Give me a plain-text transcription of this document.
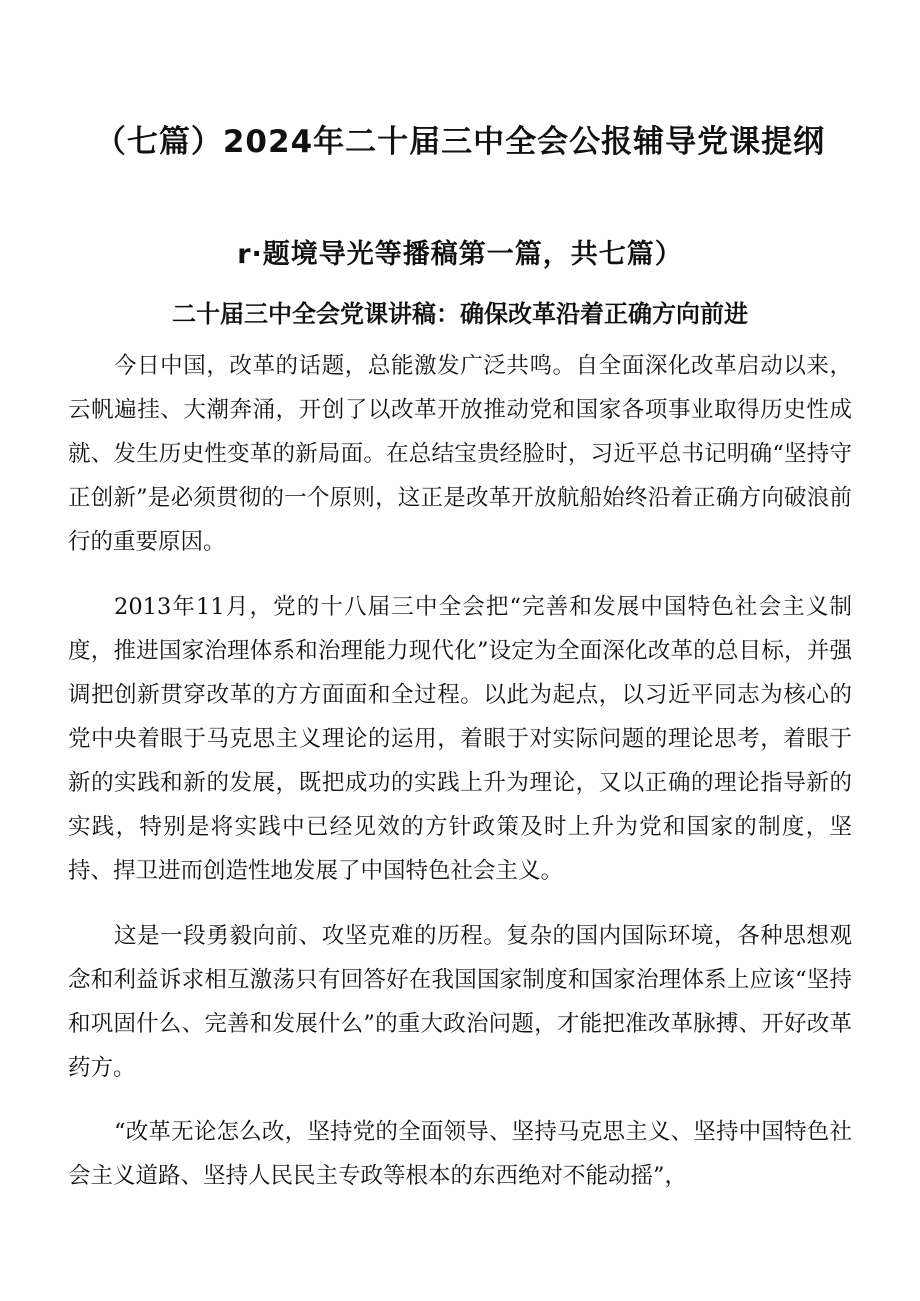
（七篇）2024年二十届三中全会公报辅导党课提纲
r·题境导光等播稿第一篇，共七篇）
二十届三中全会党课讲稿：确保改革沿着正确方向前进

今日中国，改革的话题，总能激发广泛共鸣。自全面深化改革启动以来，云帆遍挂、大潮奔涌，开创了以改革开放推动党和国家各项事业取得历史性成就、发生历史性变革的新局面。在总结宝贵经脸时，习近平总书记明确“坚持守正创新”是必须贯彻的一个原则，这正是改革开放航船始终沿着正确方向破浪前行的重要原因。

2013年11月，党的十八届三中全会把“完善和发展中国特色社会主义制度，推进国家治理体系和治理能力现代化”设定为全面深化改革的总目标，并强调把创新贯穿改革的方方面面和全过程。以此为起点，以习近平同志为核心的党中央着眼于马克思主义理论的运用，着眼于对实际问题的理论思考，着眼于新的实践和新的发展，既把成功的实践上升为理论，又以正确的理论指导新的实践，特别是将实践中已经见效的方针政策及时上升为党和国家的制度，坚持、捍卫进而创造性地发展了中国特色社会主义。

这是一段勇毅向前、攻坚克难的历程。复杂的国内国际环境，各种思想观念和利益诉求相互激荡只有回答好在我国国家制度和国家治理体系上应该“坚持和巩固什么、完善和发展什么”的重大政治问题，才能把准改革脉搏、开好改革药方。

“改革无论怎么改，坚持党的全面领导、坚持马克思主义、坚持中国特色社会主义道路、坚持人民民主专政等根本的东西绝对不能动摇”，
